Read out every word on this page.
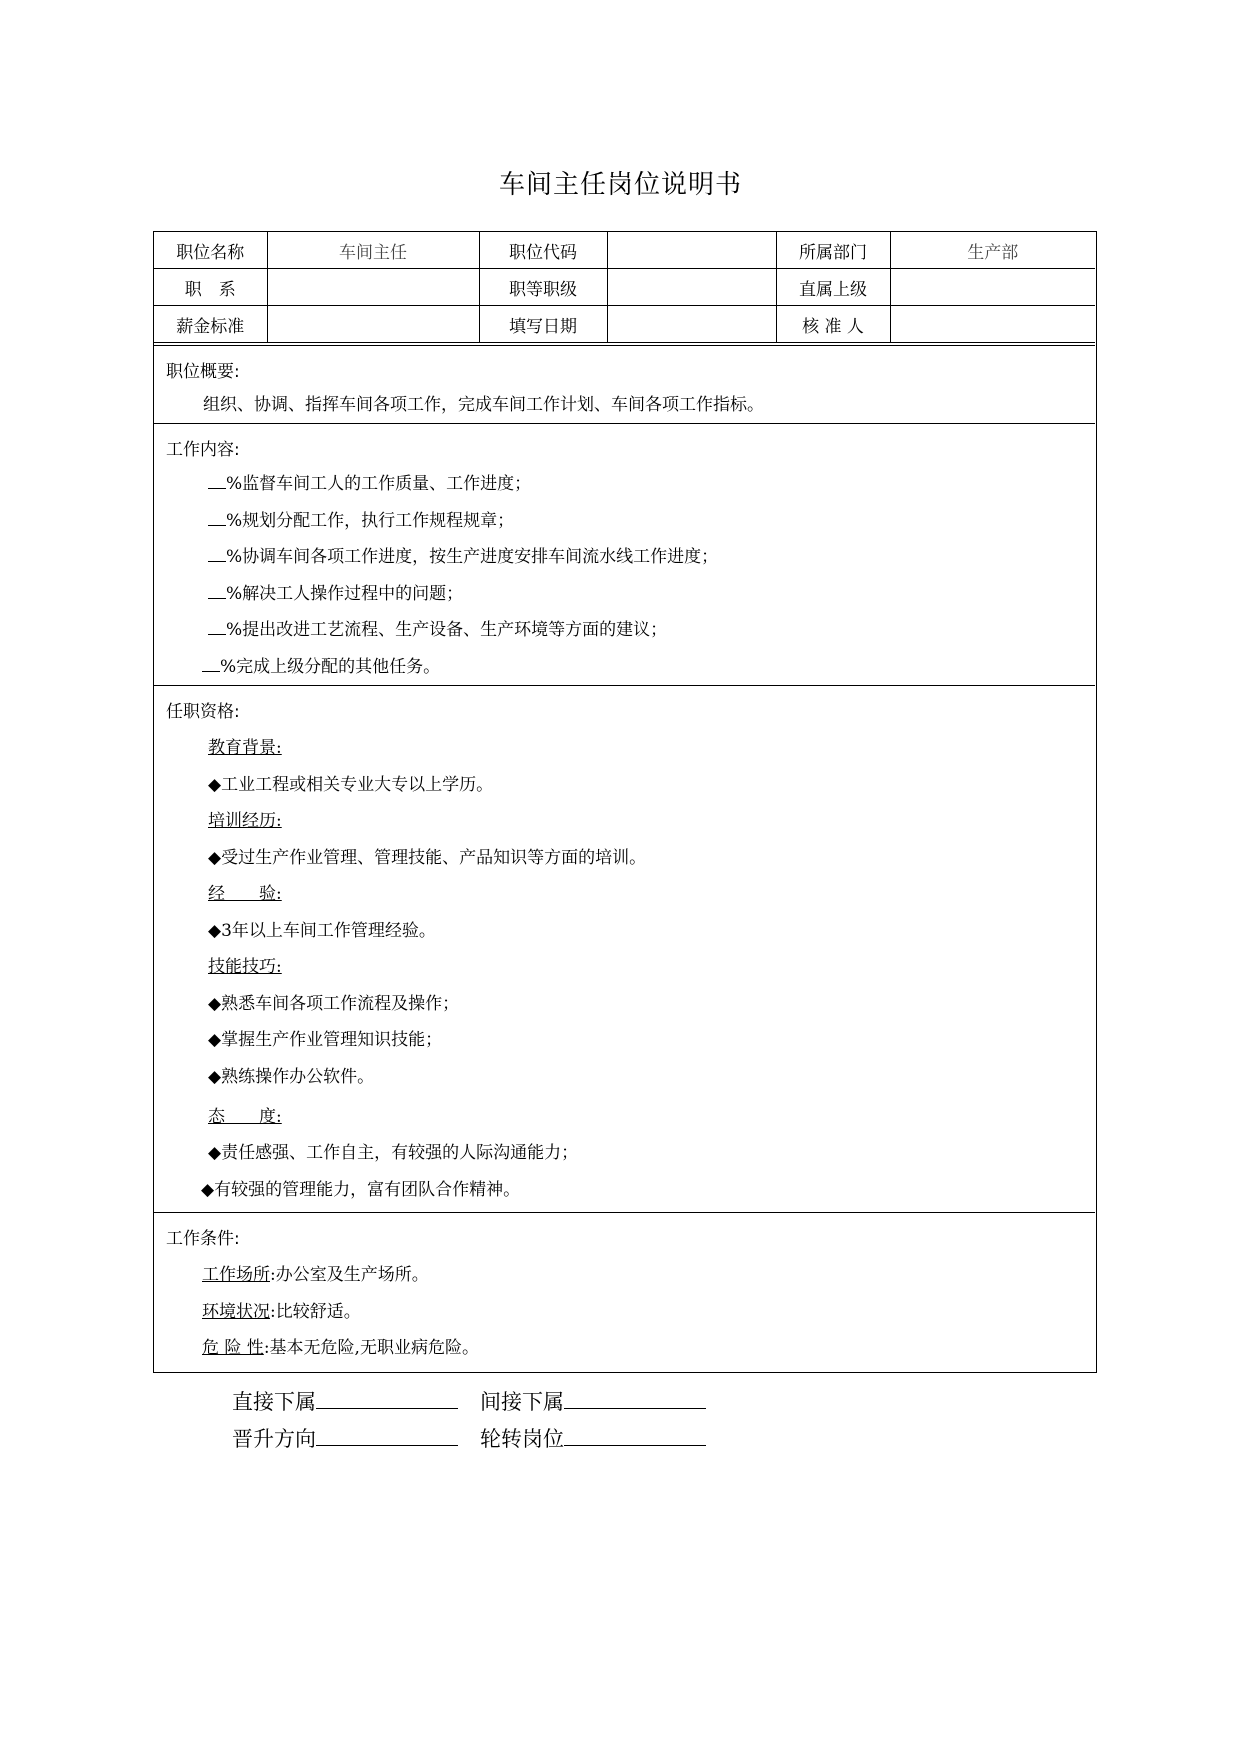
车间主任岗位说明书
职位名称	车间主任	职位代码		所属部门	生产部
职　系		职等职级		直属上级	
薪金标准		填写日期		核 准 人	
职位概要:
组织、协调、指挥车间各项工作，完成车间工作计划、车间各项工作指标。
工作内容:
%监督车间工人的工作质量、工作进度；
%规划分配工作，执行工作规程规章；
%协调车间各项工作进度，按生产进度安排车间流水线工作进度；
%解决工人操作过程中的问题；
%提出改进工艺流程、生产设备、生产环境等方面的建议；
%完成上级分配的其他任务。
任职资格:
教育背景:
◆工业工程或相关专业大专以上学历。
培训经历:
◆受过生产作业管理、管理技能、产品知识等方面的培训。
经　　验:
◆3年以上车间工作管理经验。
技能技巧:
◆熟悉车间各项工作流程及操作；
◆掌握生产作业管理知识技能；
◆熟练操作办公软件。
态　　度:
◆责任感强、工作自主，有较强的人际沟通能力；
◆有较强的管理能力，富有团队合作精神。
工作条件:
工作场所:办公室及生产场所。
环境状况:比较舒适。
危 险 性:基本无危险,无职业病危险。
直接下属	间接下属
晋升方向	轮转岗位
